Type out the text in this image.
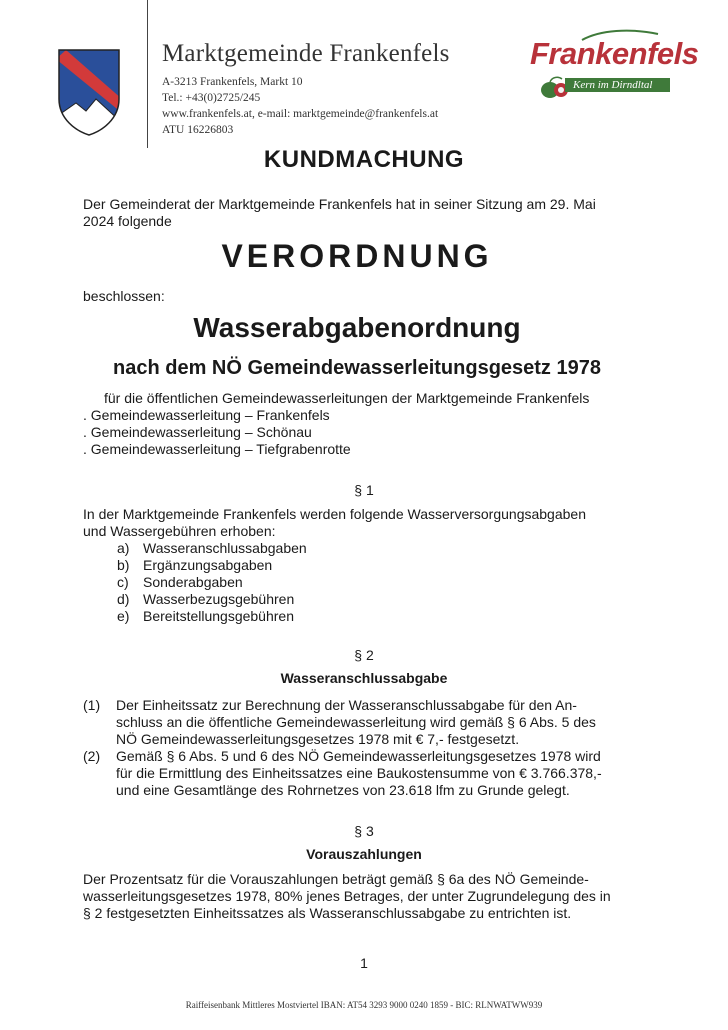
Marktgemeinde Frankenfels
A-3213 Frankenfels, Markt 10
Tel.: +43(0)2725/245
www.frankenfels.at, e-mail: marktgemeinde@frankenfels.at
ATU 16226803
Frankenfels
Kern im Dirndltal
KUNDMACHUNG
Der Gemeinderat der Marktgemeinde Frankenfels hat in seiner Sitzung am 29. Mai
2024 folgende
VERORDNUNG
beschlossen:
Wasserabgabenordnung
nach dem NÖ Gemeindewasserleitungsgesetz 1978
für die öffentlichen Gemeindewasserleitungen der Marktgemeinde Frankenfels
. Gemeindewasserleitung – Frankenfels
. Gemeindewasserleitung – Schönau
. Gemeindewasserleitung – Tiefgrabenrotte
§ 1
In der Marktgemeinde Frankenfels werden folgende Wasserversorgungsabgaben
und Wassergebühren erhoben:
a) Wasseranschlussabgaben
b) Ergänzungsabgaben
c) Sonderabgaben
d) Wasserbezugsgebühren
e) Bereitstellungsgebühren
§ 2
Wasseranschlussabgabe
(1) Der Einheitssatz zur Berechnung der Wasseranschlussabgabe für den An-
schluss an die öffentliche Gemeindewasserleitung wird gemäß § 6 Abs. 5 des
NÖ Gemeindewasserleitungsgesetzes 1978 mit € 7,- festgesetzt.
(2) Gemäß § 6 Abs. 5 und 6 des NÖ Gemeindewasserleitungsgesetzes 1978 wird
für die Ermittlung des Einheitssatzes eine Baukostensumme von € 3.766.378,-
und eine Gesamtlänge des Rohrnetzes von 23.618 lfm zu Grunde gelegt.
§ 3
Vorauszahlungen
Der Prozentsatz für die Vorauszahlungen beträgt gemäß § 6a des NÖ Gemeinde-
wasserleitungsgesetzes 1978, 80% jenes Betrages, der unter Zugrundelegung des in
§ 2 festgesetzten Einheitssatzes als Wasseranschlussabgabe zu entrichten ist.
1
Raiffeisenbank Mittleres Mostviertel IBAN: AT54 3293 9000 0240 1859 - BIC: RLNWATWW939
